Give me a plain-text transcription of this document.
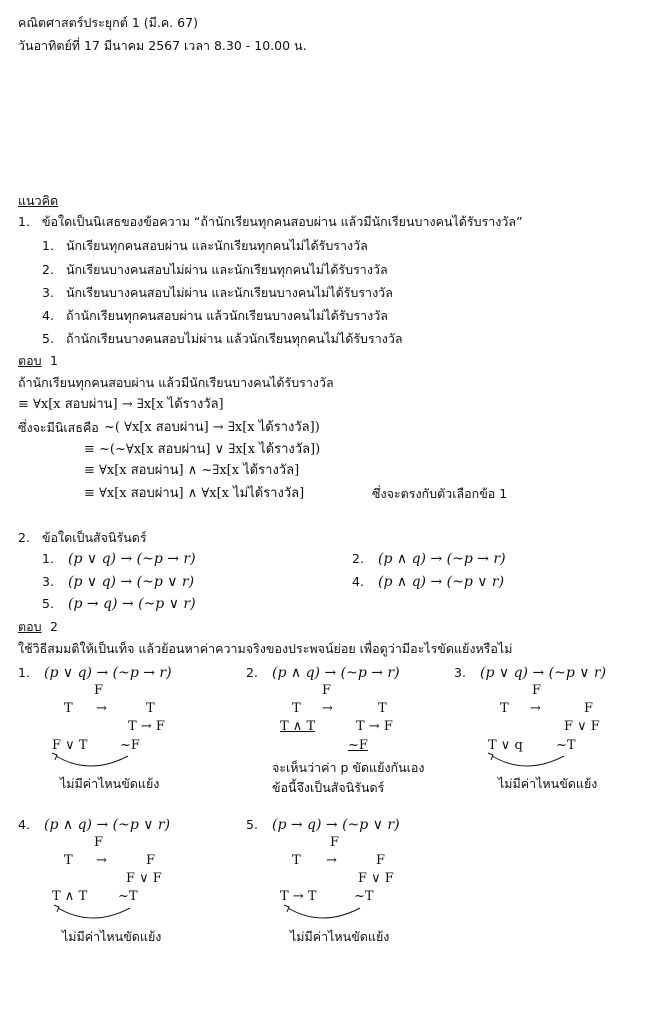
คณิตศาสตร์ประยุกต์ 1 (มี.ค. 67)
วันอาทิตย์ที่ 17 มีนาคม 2567 เวลา 8.30 - 10.00 น.
แนวคิด
1. ข้อใดเป็นนิเสธของข้อความ “ถ้านักเรียนทุกคนสอบผ่าน แล้วมีนักเรียนบางคนได้รับรางวัล”
1. นักเรียนทุกคนสอบผ่าน และนักเรียนทุกคนไม่ได้รับรางวัล
2. นักเรียนบางคนสอบไม่ผ่าน และนักเรียนทุกคนไม่ได้รับรางวัล
3. นักเรียนบางคนสอบไม่ผ่าน และนักเรียนบางคนไม่ได้รับรางวัล
4. ถ้านักเรียนทุกคนสอบผ่าน แล้วนักเรียนบางคนไม่ได้รับรางวัล
5. ถ้านักเรียนบางคนสอบไม่ผ่าน แล้วนักเรียนทุกคนไม่ได้รับรางวัล
ตอบ 1
ถ้านักเรียนทุกคนสอบผ่าน แล้วมีนักเรียนบางคนได้รับรางวัล
≡ ∀x[x สอบผ่าน] → ∃x[x ได้รางวัล]
ซึ่งจะมีนิเสธคือ ~( ∀x[x สอบผ่าน] → ∃x[x ได้รางวัล])
≡ ~(~∀x[x สอบผ่าน] ∨ ∃x[x ได้รางวัล])
≡ ∀x[x สอบผ่าน] ∧ ~∃x[x ได้รางวัล]
≡ ∀x[x สอบผ่าน] ∧ ∀x[x ไม่ได้รางวัล]	ซึ่งจะตรงกับตัวเลือกข้อ 1
2. ข้อใดเป็นสัจนิรันดร์
1. (p ∨ q) → (~p → r)	2. (p ∧ q) → (~p → r)
3. (p ∨ q) → (~p ∨ r)	4. (p ∧ q) → (~p ∨ r)
5. (p → q) → (~p ∨ r)
ตอบ 2
ใช้วิธีสมมติให้เป็นเท็จ แล้วย้อนหาค่าความจริงของประพจน์ย่อย เพื่อดูว่ามีอะไรขัดแย้งหรือไม่
1. (p ∨ q) → (~p → r)
F
T →	T
T → F
F ∨ T	~F
ไม่มีค่าไหนขัดแย้ง
2. (p ∧ q) → (~p → r)
F
T →	T
T ∧ T	T → F
~F
จะเห็นว่าค่า p ขัดแย้งกันเอง
ข้อนี้จึงเป็นสัจนิรันดร์
3. (p ∨ q) → (~p ∨ r)
F
T →	F
F ∨ F
T ∨ q	~T
ไม่มีค่าไหนขัดแย้ง
4. (p ∧ q) → (~p ∨ r)
F
T →	F
F ∨ F
T ∧ T ~T
ไม่มีค่าไหนขัดแย้ง
5. (p → q) → (~p ∨ r)
F
T →	F
F ∨ F
T → T	~T
ไม่มีค่าไหนขัดแย้ง
